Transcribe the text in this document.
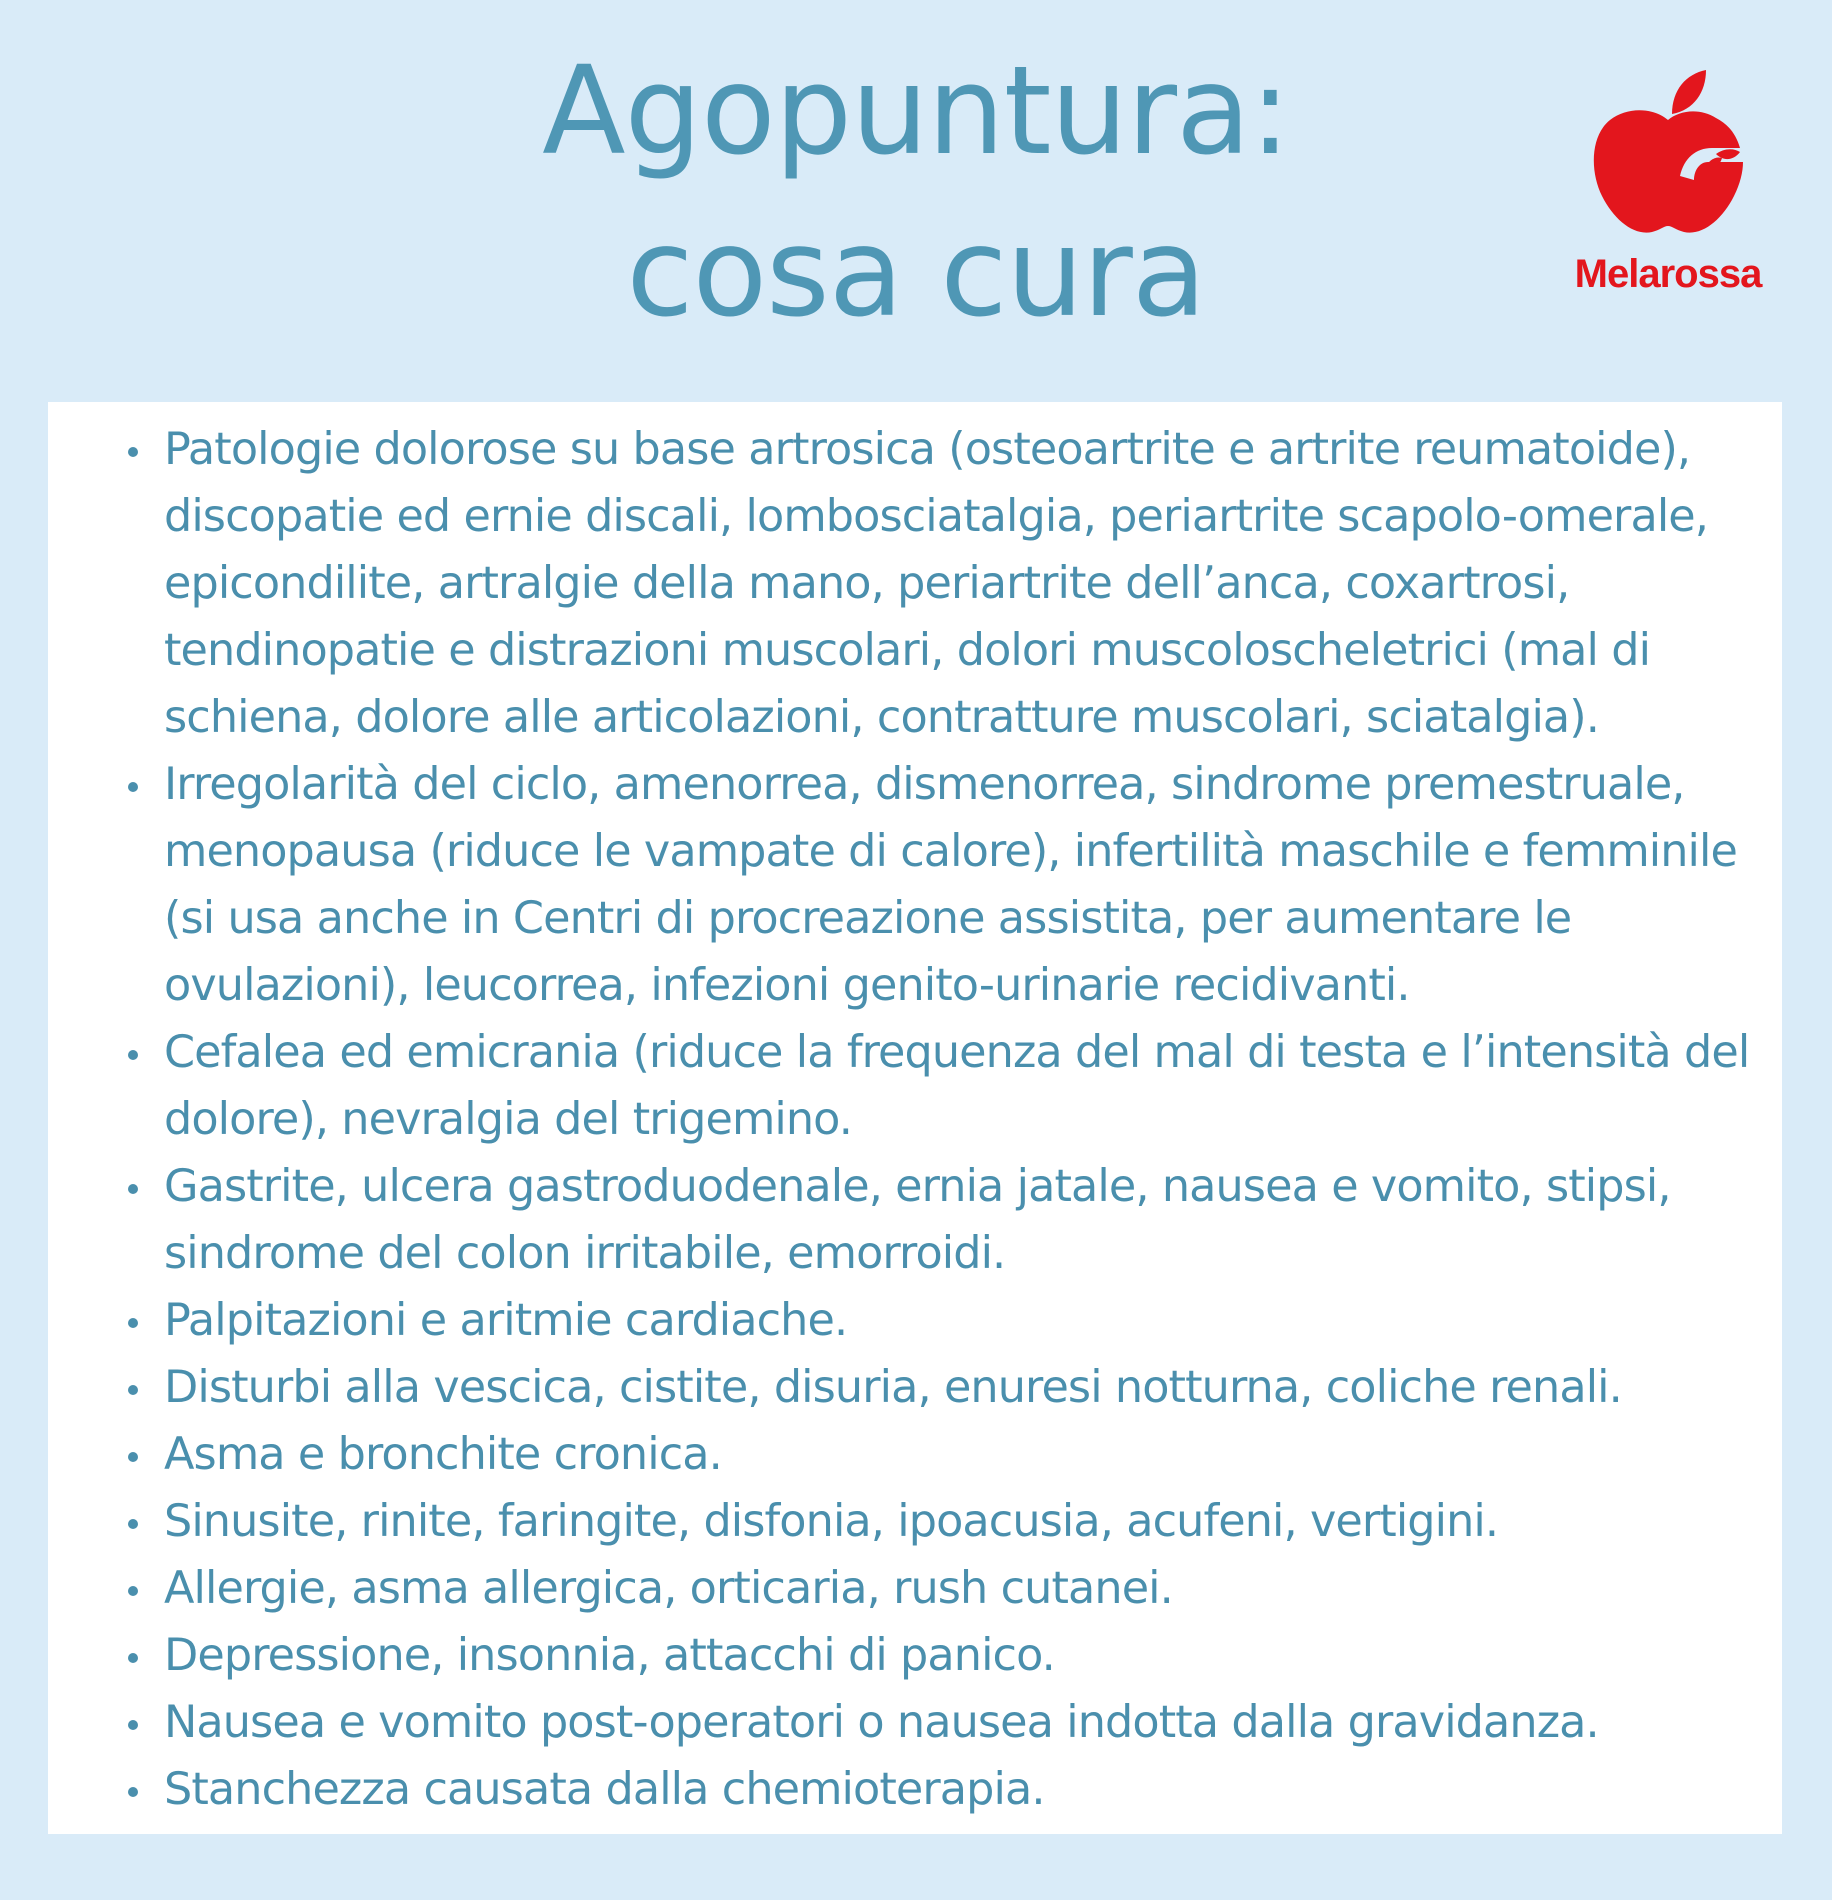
Agopuntura:
cosa cura	Melarossa
Patologie dolorose su base artrosica (osteoartrite e artrite reumatoide), discopatie ed ernie discali, lombosciatalgia, periartrite scapolo-omerale, epicondilite, artralgie della mano, periartrite dell’anca, coxartrosi, tendinopatie e distrazioni muscolari, dolori muscoloscheletrici (mal di schiena, dolore alle articolazioni, contratture muscolari, sciatalgia).
Irregolarità del ciclo, amenorrea, dismenorrea, sindrome premestruale, menopausa (riduce le vampate di calore), infertilità maschile e femminile (si usa anche in Centri di procreazione assistita, per aumentare le ovulazioni), leucorrea, infezioni genito-urinarie recidivanti.
Cefalea ed emicrania (riduce la frequenza del mal di testa e l’intensità del dolore), nevralgia del trigemino.
Gastrite, ulcera gastroduodenale, ernia jatale, nausea e vomito, stipsi, sindrome del colon irritabile, emorroidi.
Palpitazioni e aritmie cardiache.
Disturbi alla vescica, cistite, disuria, enuresi notturna, coliche renali.
Asma e bronchite cronica.
Sinusite, rinite, faringite, disfonia, ipoacusia, acufeni, vertigini.
Allergie, asma allergica, orticaria, rush cutanei.
Depressione, insonnia, attacchi di panico.
Nausea e vomito post-operatori o nausea indotta dalla gravidanza.
Stanchezza causata dalla chemioterapia.
